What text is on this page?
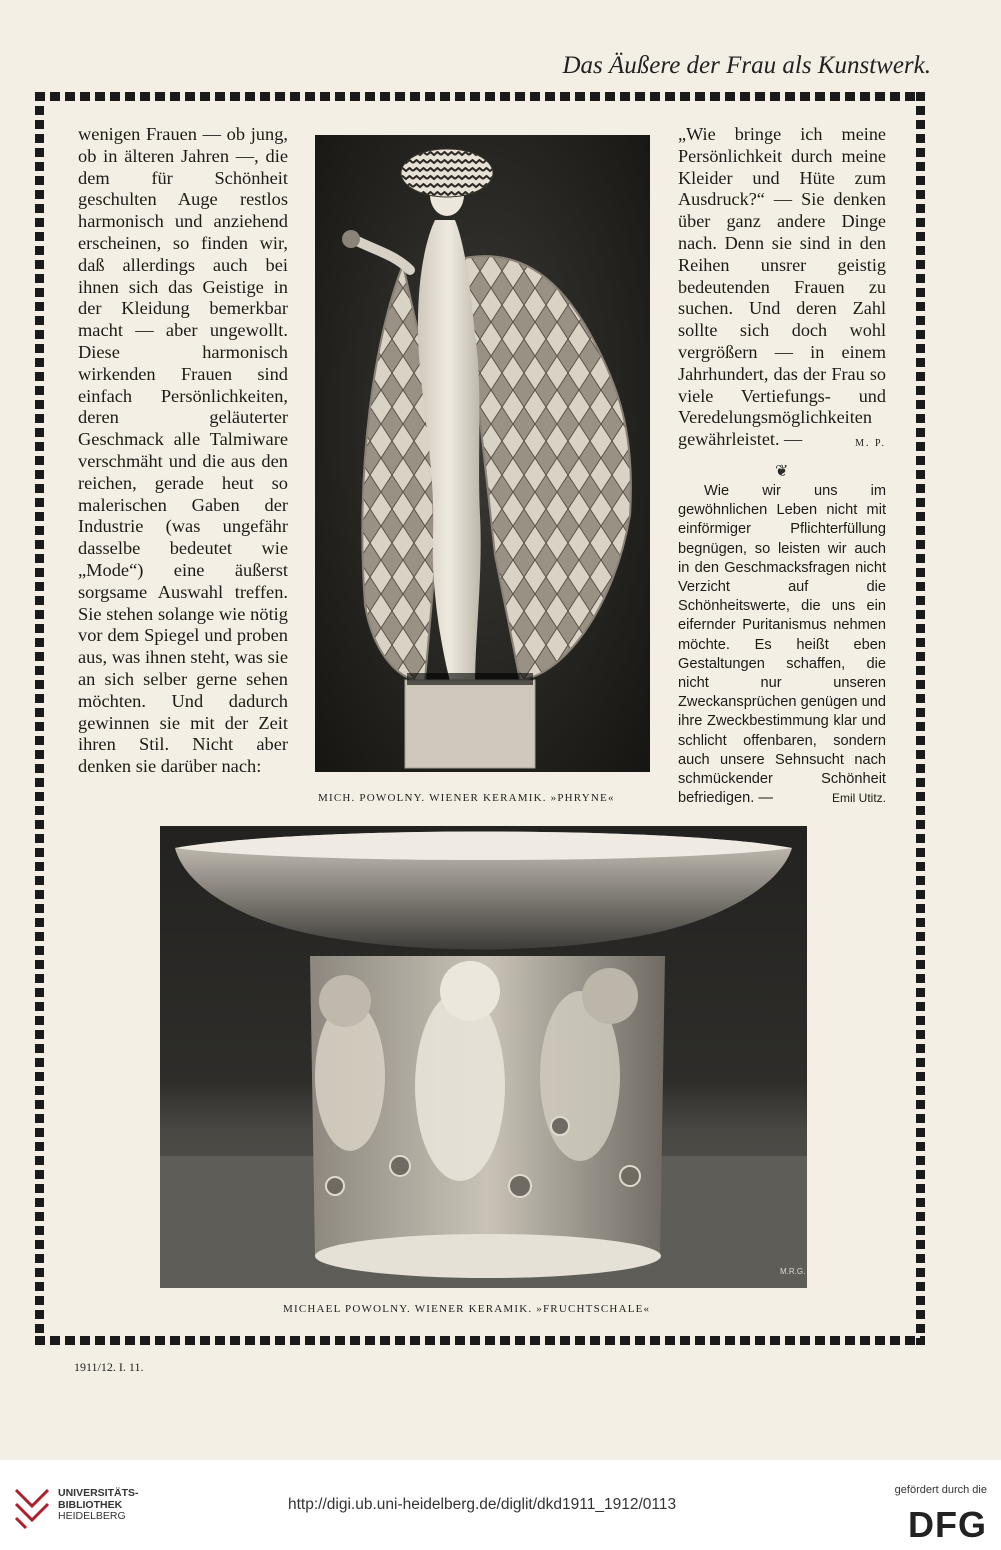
Das Äußere der Frau als Kunstwerk.

wenigen Frauen — ob jung, ob in älteren Jahren —, die dem für Schönheit geschulten Auge restlos harmonisch und anziehend erscheinen, so finden wir, daß allerdings auch bei ihnen sich das Geistige in der Kleidung bemerkbar macht — aber ungewollt. Diese harmonisch wirkenden Frauen sind einfach Persönlichkeiten, deren geläuterter Geschmack alle Talmiware verschmäht und die aus den reichen, gerade heut so malerischen Gaben der Industrie (was ungefähr dasselbe bedeutet wie „Mode“) eine äußerst sorgsame Auswahl treffen. Sie stehen solange wie nötig vor dem Spiegel und proben aus, was ihnen steht, was sie an sich selber gerne sehen möchten. Und dadurch gewinnen sie mit der Zeit ihren Stil. Nicht aber denken sie darüber nach:

„Wie bringe ich meine Persönlichkeit durch meine Kleider und Hüte zum Ausdruck?“ — Sie denken über ganz andere Dinge nach. Denn sie sind in den Reihen unsrer geistig bedeutenden Frauen zu suchen. Und deren Zahl sollte sich doch wohl vergrößern — in einem Jahrhundert, das der Frau so viele Vertiefungs- und Veredelungsmöglichkeiten gewährleistet. —	M. P.

❦

Wie wir uns im gewöhnlichen Leben nicht mit einförmiger Pflichterfüllung begnügen, so leisten wir auch in den Geschmacksfragen nicht Verzicht auf die Schönheitswerte, die uns ein eifernder Puritanismus nehmen möchte. Es heißt eben Gestaltungen schaffen, die nicht nur unseren Zweckansprüchen genügen und ihre Zweckbestimmung klar und schlicht offenbaren, sondern auch unsere Sehnsucht nach schmückender Schönheit befriedigen. —	Emil Utitz.

MICH. POWOLNY. WIENER KERAMIK. »PHRYNE«
M.R.G.
MICHAEL POWOLNY. WIENER KERAMIK. »FRUCHTSCHALE«
1911/12. I. 11.
UNIVERSITÄTS-
BIBLIOTHEK
HEIDELBERG
http://digi.ub.uni-heidelberg.de/diglit/dkd1911_1912/0113
gefördert durch die
DFG
